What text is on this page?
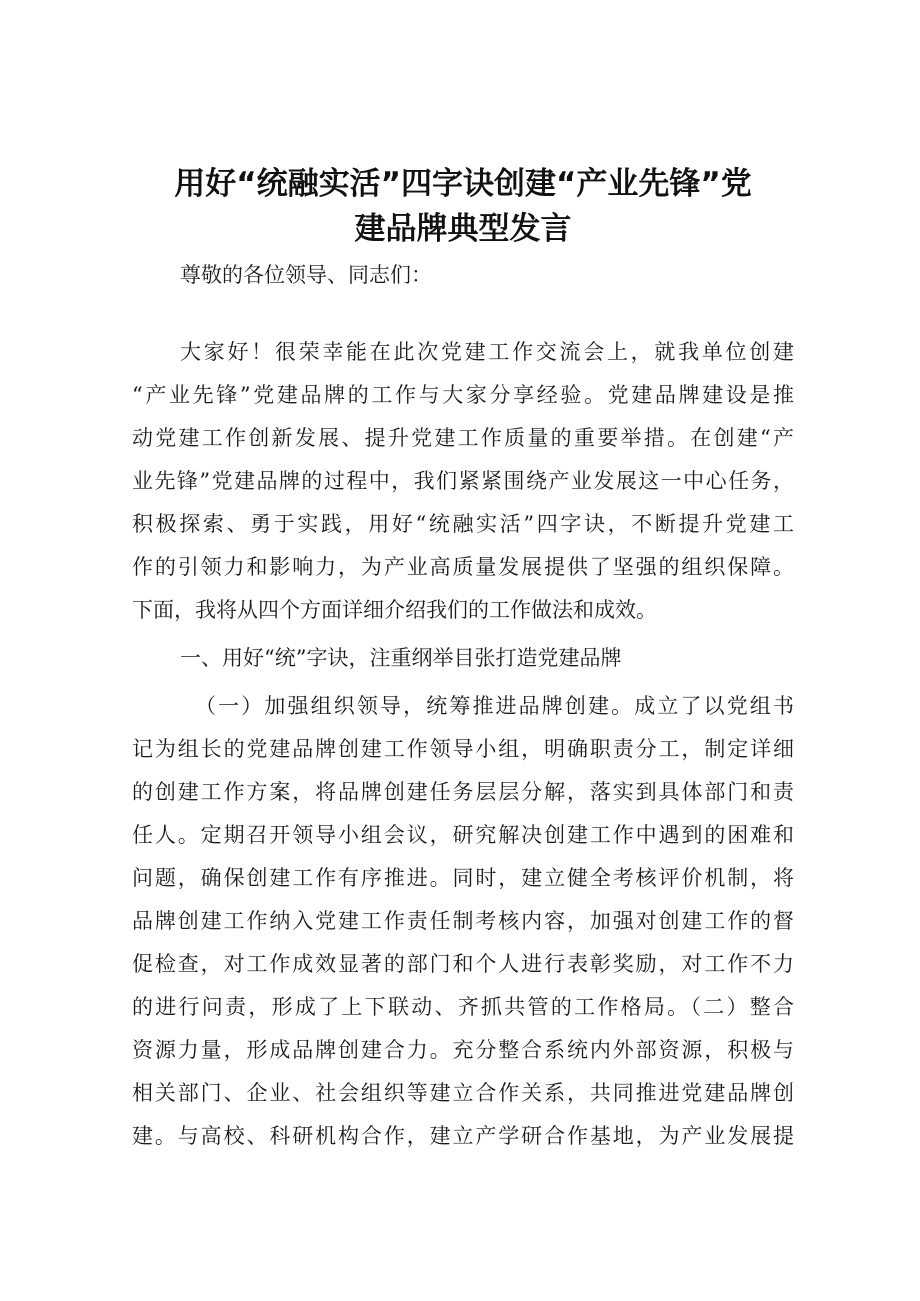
用好“统融实活”四字诀创建“产业先锋”党
建品牌典型发言

尊敬的各位领导、同志们：

大家好！很荣幸能在此次党建工作交流会上，就我单位创建

“产业先锋”党建品牌的工作与大家分享经验。党建品牌建设是推

动党建工作创新发展、提升党建工作质量的重要举措。在创建“产

业先锋”党建品牌的过程中，我们紧紧围绕产业发展这一中心任务，

积极探索、勇于实践，用好“统融实活”四字诀，不断提升党建工

作的引领力和影响力，为产业高质量发展提供了坚强的组织保障。

下面，我将从四个方面详细介绍我们的工作做法和成效。

一、用好“统”字诀，注重纲举目张打造党建品牌

（一）加强组织领导，统筹推进品牌创建。成立了以党组书

记为组长的党建品牌创建工作领导小组，明确职责分工，制定详细

的创建工作方案，将品牌创建任务层层分解，落实到具体部门和责

任人。定期召开领导小组会议，研究解决创建工作中遇到的困难和

问题，确保创建工作有序推进。同时，建立健全考核评价机制，将

品牌创建工作纳入党建工作责任制考核内容，加强对创建工作的督

促检查，对工作成效显著的部门和个人进行表彰奖励，对工作不力

的进行问责，形成了上下联动、齐抓共管的工作格局。（二）整合

资源力量，形成品牌创建合力。充分整合系统内外部资源，积极与

相关部门、企业、社会组织等建立合作关系，共同推进党建品牌创

建。与高校、科研机构合作，建立产学研合作基地，为产业发展提
